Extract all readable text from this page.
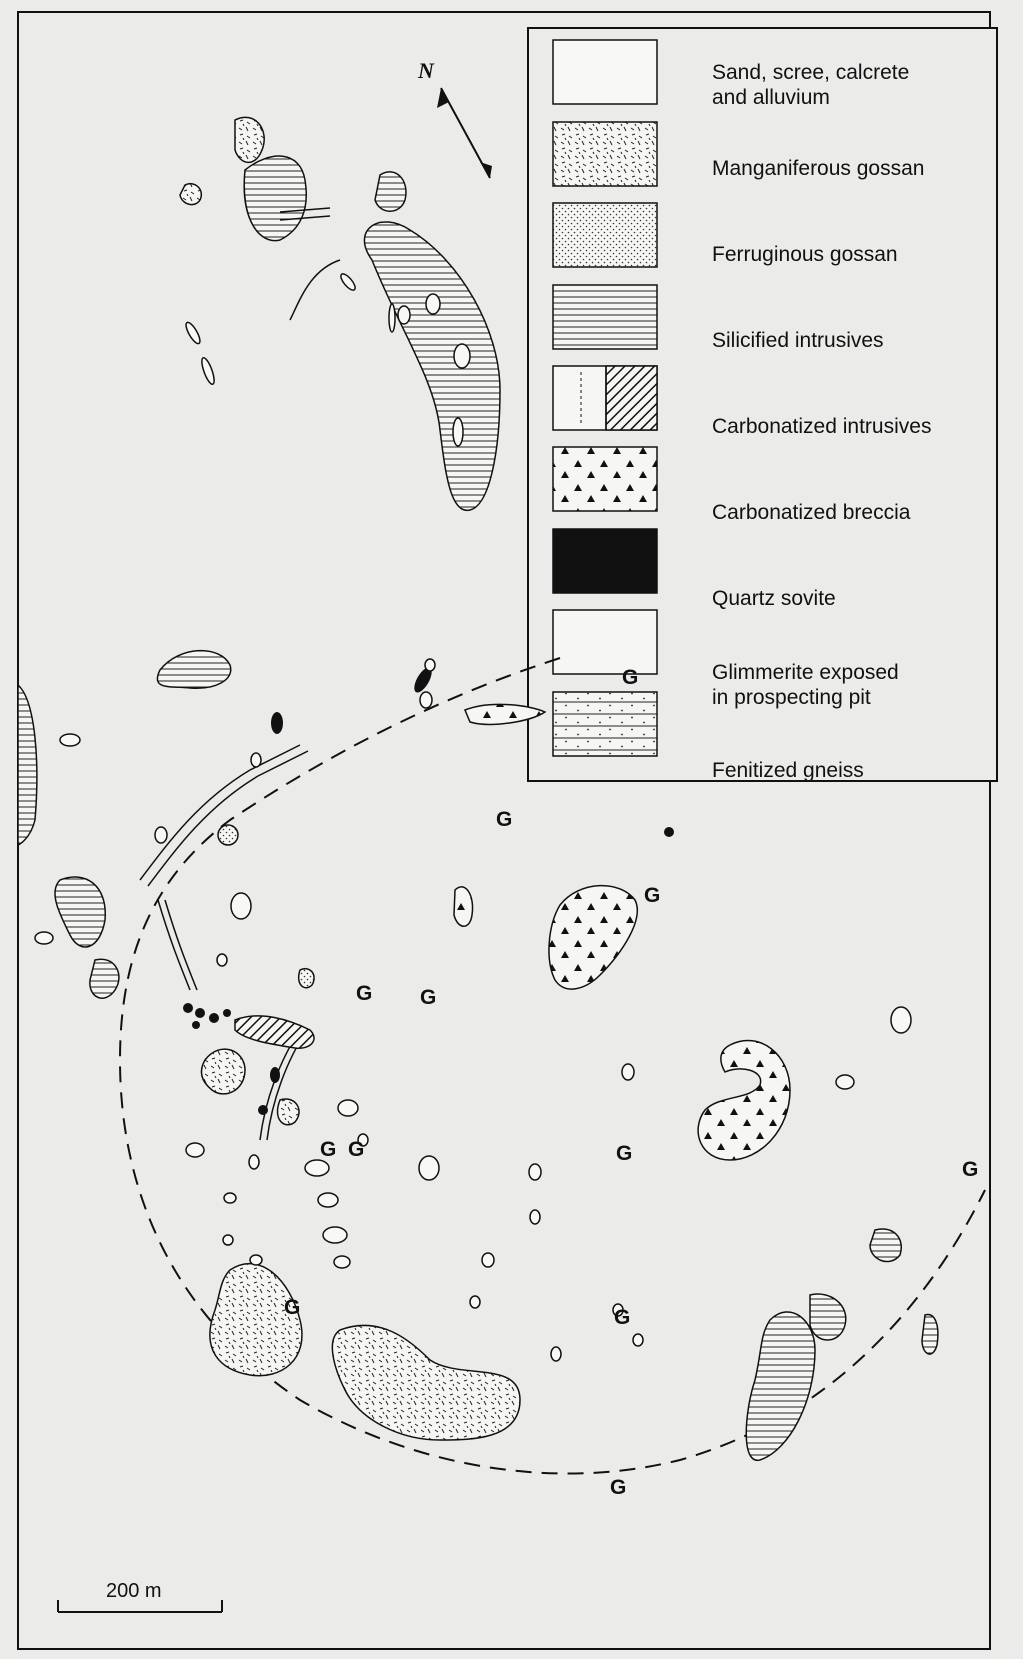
Sand, scree, calcrete
and alluvium
Manganiferous gossan
Ferruginous gossan
Silicified intrusives
Carbonatized intrusives
Carbonatized breccia
Quartz sovite
Glimmerite exposed
in prospecting pit
Fenitized gneiss
G
N
G
G
G G
G G	G
G
G	G
G
200 m
